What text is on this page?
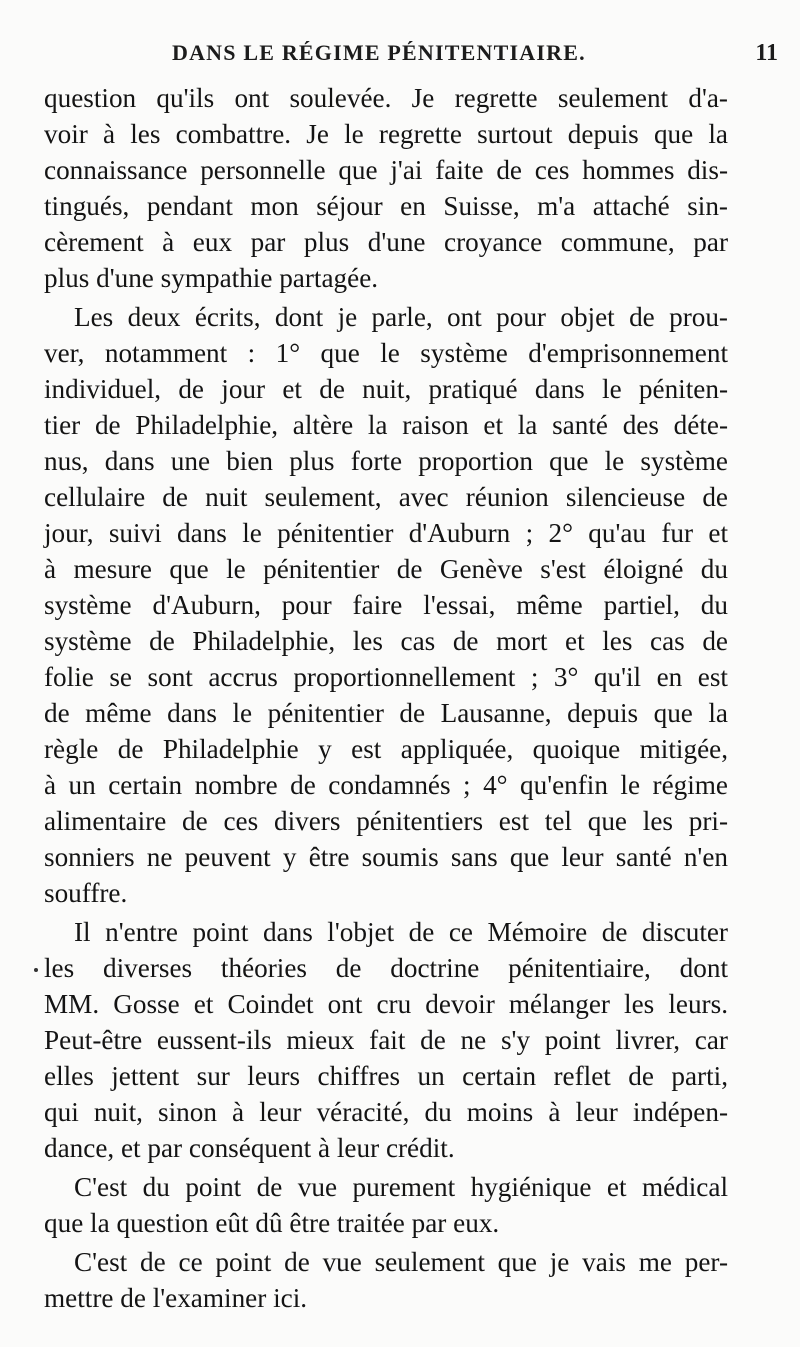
DANS LE RÉGIME PÉNITENTIAIRE.	11

question qu'ils ont soulevée. Je regrette seulement d'a-
voir à les combattre. Je le regrette surtout depuis que la
connaissance personnelle que j'ai faite de ces hommes dis-
tingués, pendant mon séjour en Suisse, m'a attaché sin-
cèrement à eux par plus d'une croyance commune, par
plus d'une sympathie partagée.

Les deux écrits, dont je parle, ont pour objet de prou-
ver, notamment : 1° que le système d'emprisonnement
individuel, de jour et de nuit, pratiqué dans le péniten-
tier de Philadelphie, altère la raison et la santé des déte-
nus, dans une bien plus forte proportion que le système
cellulaire de nuit seulement, avec réunion silencieuse de
jour, suivi dans le pénitentier d'Auburn ; 2° qu'au fur et
à mesure que le pénitentier de Genève s'est éloigné du
système d'Auburn, pour faire l'essai, même partiel, du
système de Philadelphie, les cas de mort et les cas de
folie se sont accrus proportionnellement ; 3° qu'il en est
de même dans le pénitentier de Lausanne, depuis que la
règle de Philadelphie y est appliquée, quoique mitigée,
à un certain nombre de condamnés ; 4° qu'enfin le régime
alimentaire de ces divers pénitentiers est tel que les pri-
sonniers ne peuvent y être soumis sans que leur santé n'en
souffre.

Il n'entre point dans l'objet de ce Mémoire de discuter
les diverses théories de doctrine pénitentiaire, dont
MM. Gosse et Coindet ont cru devoir mélanger les leurs.
Peut-être eussent-ils mieux fait de ne s'y point livrer, car
elles jettent sur leurs chiffres un certain reflet de parti,
qui nuit, sinon à leur véracité, du moins à leur indépen-
dance, et par conséquent à leur crédit.

C'est du point de vue purement hygiénique et médical
que la question eût dû être traitée par eux.

C'est de ce point de vue seulement que je vais me per-
mettre de l'examiner ici.
